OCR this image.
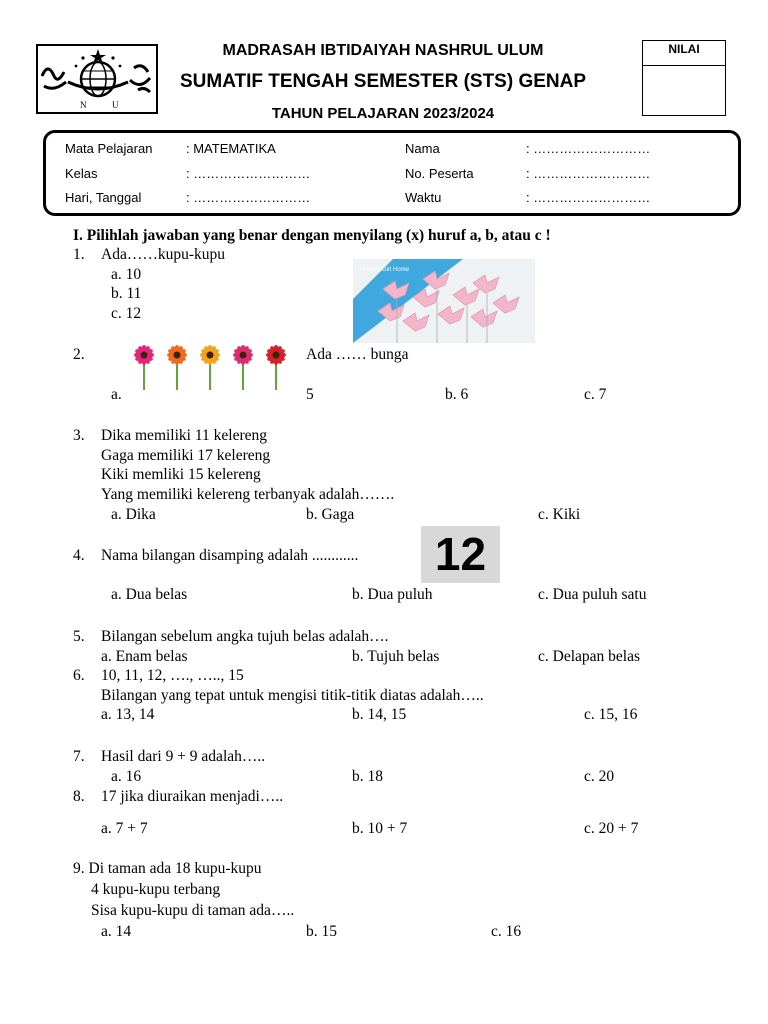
N	U
MADRASAH IBTIDAIYAH NASHRUL ULUM
SUMATIF TENGAH SEMESTER (STS) GENAP
TAHUN PELAJARAN 2023/2024
NILAI
Mata Pelajaran	: MATEMATIKA
Kelas	: ………………………
Hari, Tanggal	: ………………………
Nama	: ………………………
No. Peserta	: ………………………
Waktu	: ………………………
I. Pilihlah jawaban yang benar dengan menyilang (x) huruf a, b, atau c !
1. Ada……kupu-kupu
a. 10
b. 11
c. 12
Lovely Girl Home
2.	Ada …… bunga
a.	5	b. 6	c. 7
3. Dika memiliki 11 kelereng
Gaga memiliki 17 kelereng
Kiki memliki 15 kelereng
Yang memiliki kelereng terbanyak adalah…….
a. Dika	b. Gaga	c. Kiki
4. Nama bilangan disamping adalah ............	12
a. Dua belas	b. Dua puluh	c. Dua puluh satu
5. Bilangan sebelum angka tujuh belas adalah….
a. Enam belas	b. Tujuh belas	c. Delapan belas
6. 10, 11, 12, …., ….., 15
Bilangan yang tepat untuk mengisi titik-titik diatas adalah…..
a. 13, 14	b. 14, 15	c. 15, 16
7. Hasil dari 9 + 9 adalah…..
a. 16	b. 18	c. 20
8. 17 jika diuraikan menjadi…..
a. 7 + 7	b. 10 + 7	c. 20 + 7
9. Di taman ada 18 kupu-kupu
4 kupu-kupu terbang
Sisa kupu-kupu di taman ada…..
a. 14	b. 15	c. 16
